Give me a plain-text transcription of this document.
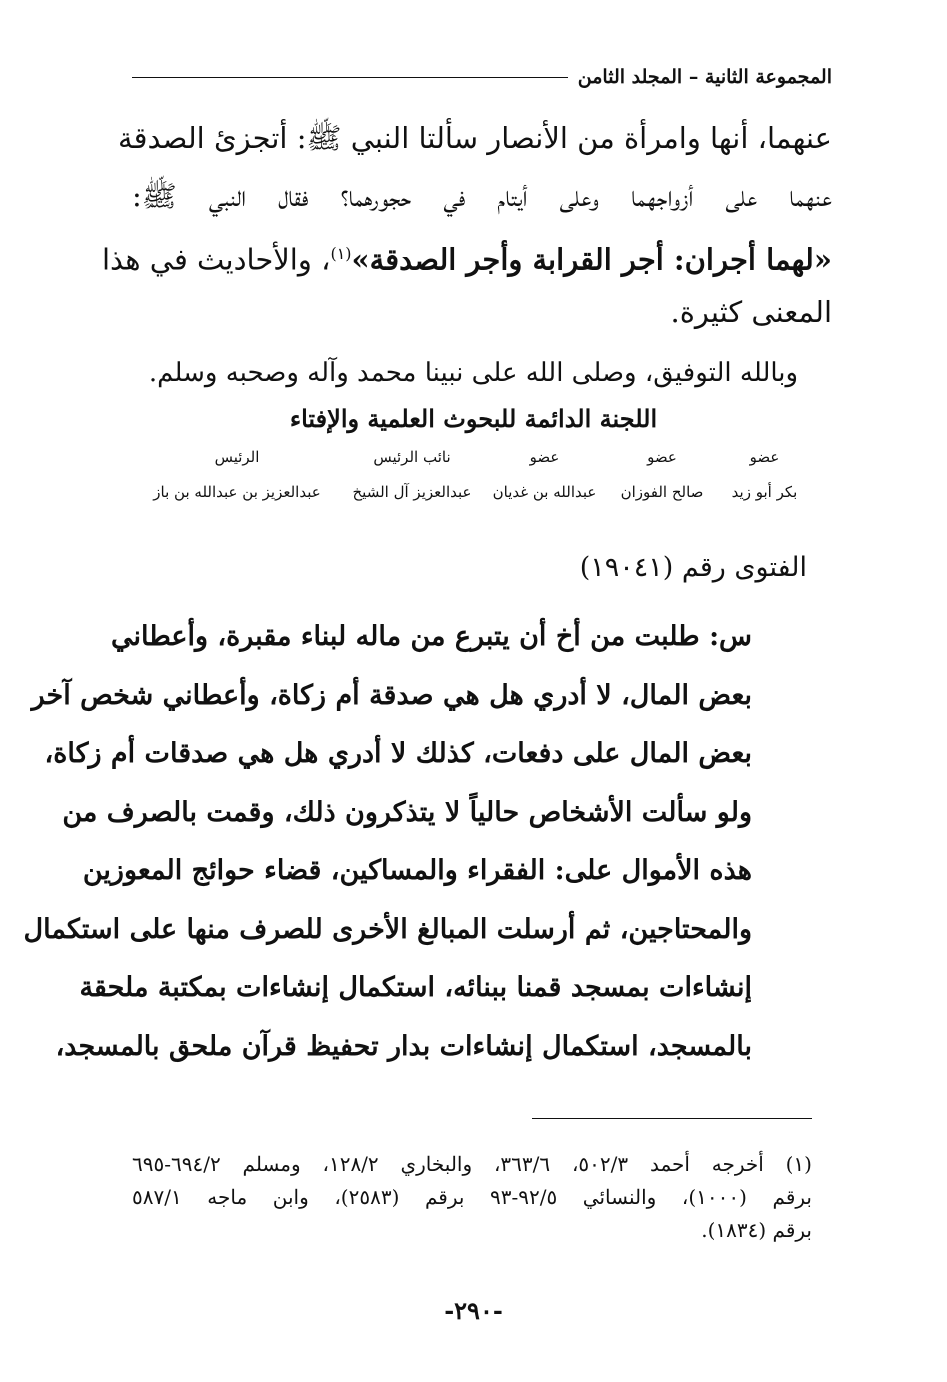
المجموعة الثانية – المجلد الثامن
عنهما، أنها وامرأة من الأنصار سألتا النبي ﷺ: أتجزئ الصدقة
عنهما على أزواجهما وعلى أيتام في حجورهما؟ فقال النبي ﷺ:
«لهما أجران: أجر القرابة وأجر الصدقة»$^{(١)}$، والأحاديث في هذا
المعنى كثيرة.
وبالله التوفيق، وصلى الله على نبينا محمد وآله وصحبه وسلم.
اللجنة الدائمة للبحوث العلمية والإفتاء
عضو
عضو
عضو
نائب الرئيس
الرئيس
بكر أبو زيد
صالح الفوزان
عبدالله بن غديان
عبدالعزيز آل الشيخ
عبدالعزيز بن عبدالله بن باز
الفتوى رقم (١٩٠٤١)
س: طلبت من أخ أن يتبرع من ماله لبناء مقبرة، وأعطاني
بعض المال، لا أدري هل هي صدقة أم زكاة، وأعطاني شخص آخر
بعض المال على دفعات، كذلك لا أدري هل هي صدقات أم زكاة،
ولو سألت الأشخاص حالياً لا يتذكرون ذلك، وقمت بالصرف من
هذه الأموال على: الفقراء والمساكين، قضاء حوائج المعوزين
والمحتاجين، ثم أرسلت المبالغ الأخرى للصرف منها على استكمال
إنشاءات بمسجد قمنا ببنائه، استكمال إنشاءات بمكتبة ملحقة
بالمسجد، استكمال إنشاءات بدار تحفيظ قرآن ملحق بالمسجد،
(١) أخرجه أحمد ٥٠٢/٣، ٣٦٣/٦، والبخاري ١٢٨/٢، ومسلم ٦٩٤/٢-٦٩٥
برقم (١٠٠٠)، والنسائي ٩٢/٥-٩٣ برقم (٢٥٨٣)، وابن ماجه ٥٨٧/١
برقم (١٨٣٤).
-٢٩٠-
